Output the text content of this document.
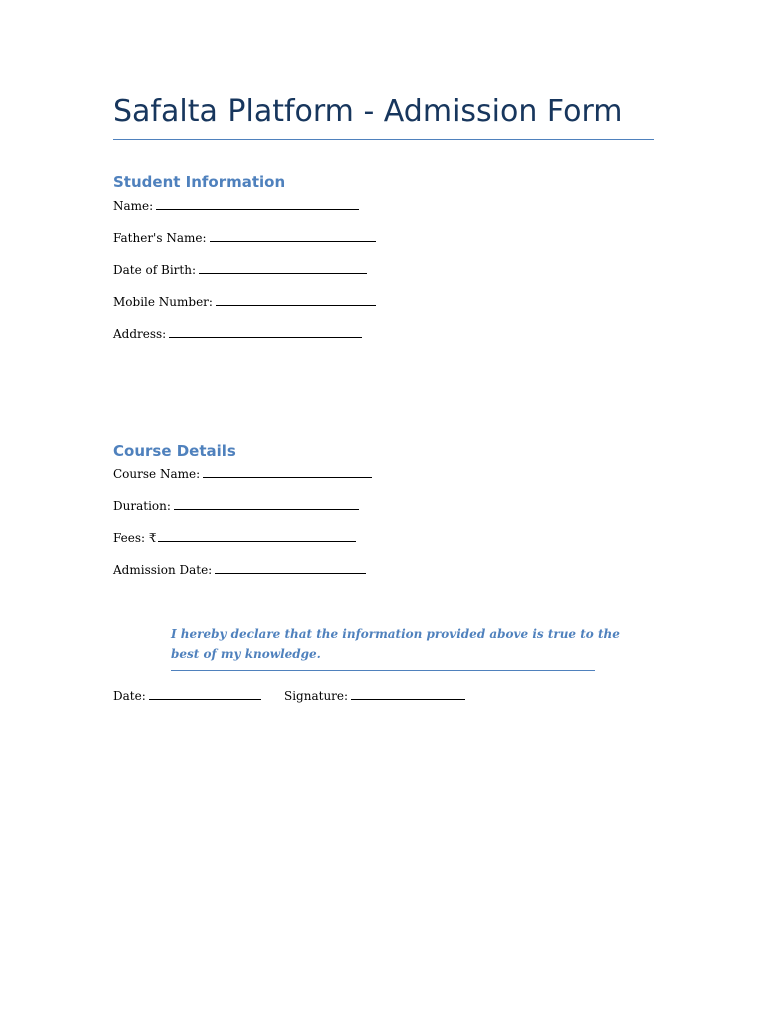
Safalta Platform - Admission Form
Student Information
Name:
Father's Name:
Date of Birth:
Mobile Number:
Address:
Course Details
Course Name:
Duration:
Fees: ₹
Admission Date:
I hereby declare that the information provided above is true to the
best of my knowledge.
Date:	Signature:
